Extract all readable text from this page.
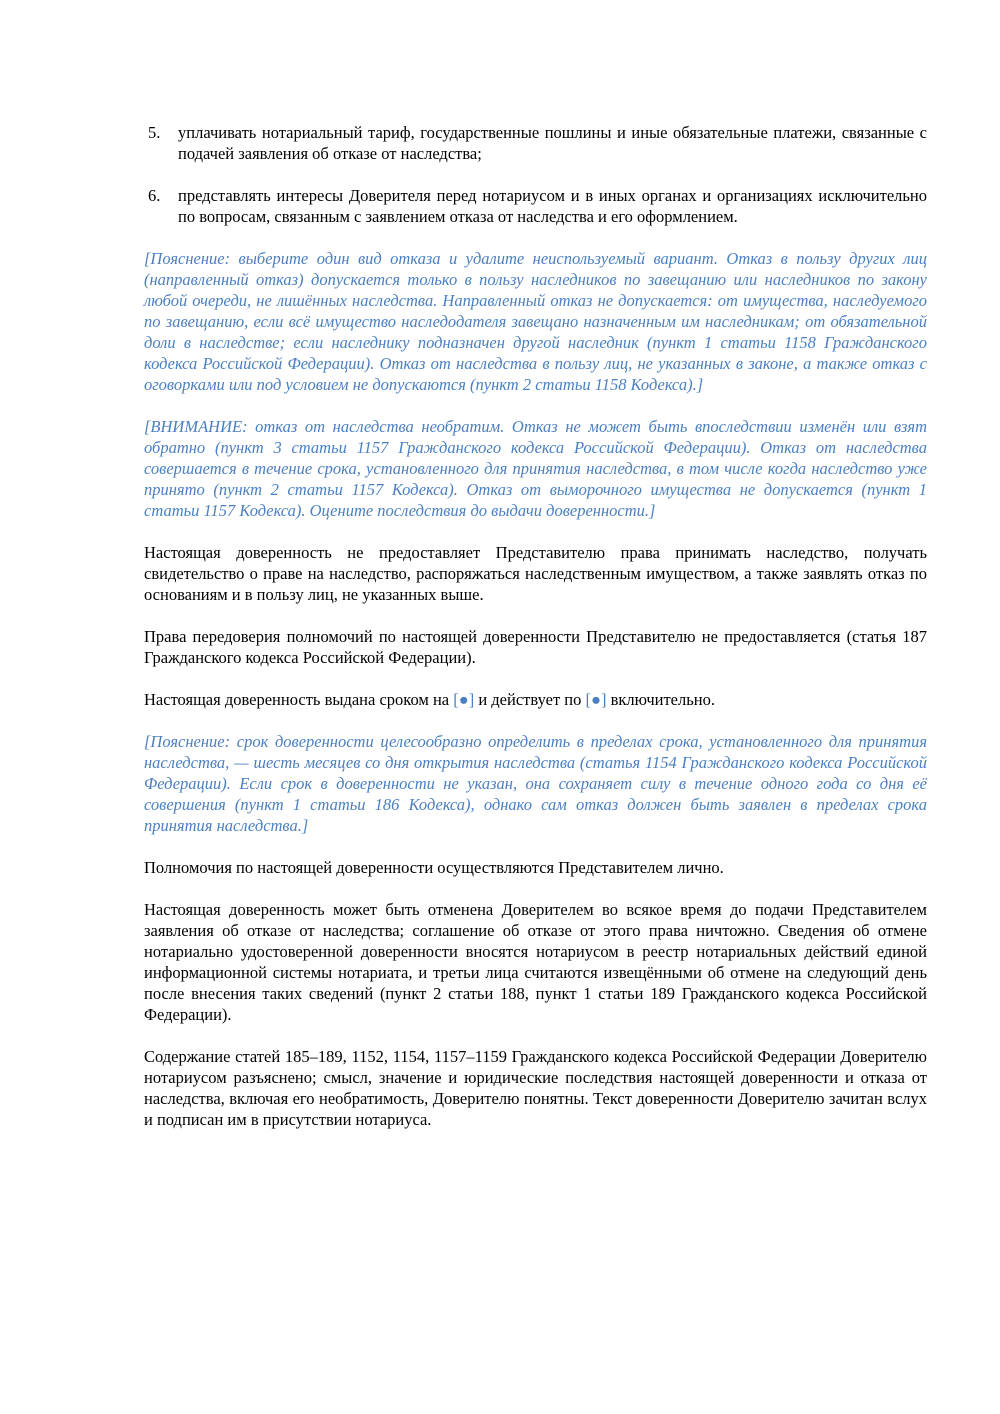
5.	уплачивать нотариальный тариф, государственные пошлины и иные обязательные платежи, связанные с подачей заявления об отказе от наследства;
6.	представлять интересы Доверителя перед нотариусом и в иных органах и организациях исключительно по вопросам, связанным с заявлением отказа от наследства и его оформлением.

[Пояснение: выберите один вид отказа и удалите неиспользуемый вариант. Отказ в пользу других лиц (направленный отказ) допускается только в пользу наследников по завещанию или наследников по закону любой очереди, не лишённых наследства. Направленный отказ не допускается: от имущества, наследуемого по завещанию, если всё имущество наследодателя завещано назначенным им наследникам; от обязательной доли в наследстве; если наследнику подназначен другой наследник (пункт 1 статьи 1158 Гражданского кодекса Российской Федерации). Отказ от наследства в пользу лиц, не указанных в законе, а также отказ с оговорками или под условием не допускаются (пункт 2 статьи 1158 Кодекса).]

[ВНИМАНИЕ: отказ от наследства необратим. Отказ не может быть впоследствии изменён или взят обратно (пункт 3 статьи 1157 Гражданского кодекса Российской Федерации). Отказ от наследства совершается в течение срока, установленного для принятия наследства, в том числе когда наследство уже принято (пункт 2 статьи 1157 Кодекса). Отказ от выморочного имущества не допускается (пункт 1 статьи 1157 Кодекса). Оцените последствия до выдачи доверенности.]

Настоящая доверенность не предоставляет Представителю права принимать наследство, получать свидетельство о праве на наследство, распоряжаться наследственным имуществом, а также заявлять отказ по основаниям и в пользу лиц, не указанных выше.

Права передоверия полномочий по настоящей доверенности Представителю не предоставляется (статья 187 Гражданского кодекса Российской Федерации).

Настоящая доверенность выдана сроком на [●] и действует по [●] включительно.

[Пояснение: срок доверенности целесообразно определить в пределах срока, установленного для принятия наследства, — шесть месяцев со дня открытия наследства (статья 1154 Гражданского кодекса Российской Федерации). Если срок в доверенности не указан, она сохраняет силу в течение одного года со дня её совершения (пункт 1 статьи 186 Кодекса), однако сам отказ должен быть заявлен в пределах срока принятия наследства.]

Полномочия по настоящей доверенности осуществляются Представителем лично.

Настоящая доверенность может быть отменена Доверителем во всякое время до подачи Представителем заявления об отказе от наследства; соглашение об отказе от этого права ничтожно. Сведения об отмене нотариально удостоверенной доверенности вносятся нотариусом в реестр нотариальных действий единой информационной системы нотариата, и третьи лица считаются извещёнными об отмене на следующий день после внесения таких сведений (пункт 2 статьи 188, пункт 1 статьи 189 Гражданского кодекса Российской Федерации).

Содержание статей 185–189, 1152, 1154, 1157–1159 Гражданского кодекса Российской Федерации Доверителю нотариусом разъяснено; смысл, значение и юридические последствия настоящей доверенности и отказа от наследства, включая его необратимость, Доверителю понятны. Текст доверенности Доверителю зачитан вслух и подписан им в присутствии нотариуса.
